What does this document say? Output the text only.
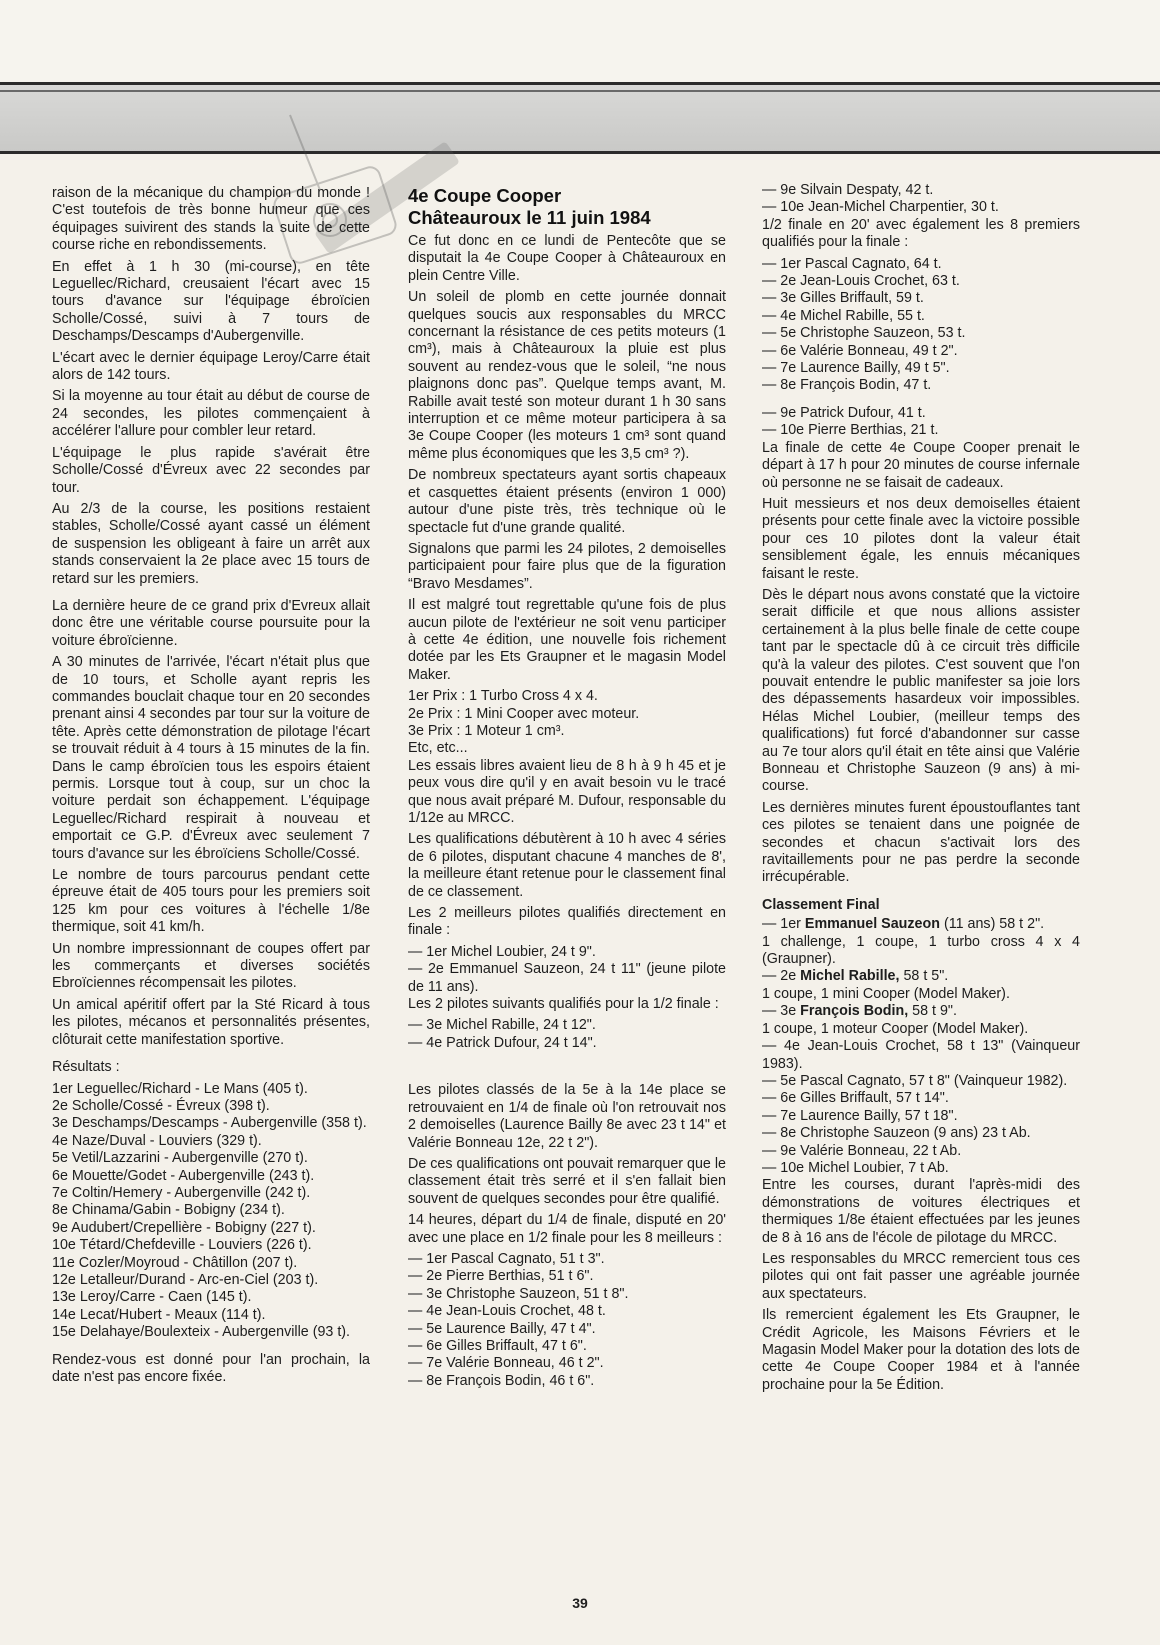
raison de la mécanique du champion du monde ! C'est toutefois de très bonne humeur que ces équipages suivirent des stands la suite de cette course riche en rebondissements.

En effet à 1 h 30 (mi-course), en tête Leguellec/Richard, creusaient l'écart avec 15 tours d'avance sur l'équipage ébroïcien Scholle/Cossé, suivi à 7 tours de Deschamps/Descamps d'Aubergenville.

L'écart avec le dernier équipage Leroy/Carre était alors de 142 tours.

Si la moyenne au tour était au début de course de 24 secondes, les pilotes commençaient à accélérer l'allure pour combler leur retard.

L'équipage le plus rapide s'avérait être Scholle/Cossé d'Évreux avec 22 secondes par tour.

Au 2/3 de la course, les positions restaient stables, Scholle/Cossé ayant cassé un élément de suspension les obligeant à faire un arrêt aux stands conservaient la 2e place avec 15 tours de retard sur les premiers.

La dernière heure de ce grand prix d'Evreux allait donc être une véritable course poursuite pour la voiture ébroïcienne.

A 30 minutes de l'arrivée, l'écart n'était plus que de 10 tours, et Scholle ayant repris les commandes bouclait chaque tour en 20 secondes prenant ainsi 4 secondes par tour sur la voiture de tête. Après cette démonstration de pilotage l'écart se trouvait réduit à 4 tours à 15 minutes de la fin. Dans le camp ébroïcien tous les espoirs étaient permis. Lorsque tout à coup, sur un choc la voiture perdait son échappement. L'équipage Leguellec/Richard respirait à nouveau et emportait ce G.P. d'Évreux avec seulement 7 tours d'avance sur les ébroïciens Scholle/Cossé.

Le nombre de tours parcourus pendant cette épreuve était de 405 tours pour les premiers soit 125 km pour ces voitures à l'échelle 1/8e thermique, soit 41 km/h.

Un nombre impressionnant de coupes offert par les commerçants et diverses sociétés Ebroïciennes récompensait les pilotes.

Un amical apéritif offert par la Sté Ricard à tous les pilotes, mécanos et personnalités présentes, clôturait cette manifestation sportive.

Résultats :

1er Leguellec/Richard - Le Mans (405 t).
2e Scholle/Cossé - Évreux (398 t).
3e Deschamps/Descamps - Aubergenville (358 t).
4e Naze/Duval - Louviers (329 t).
5e Vetil/Lazzarini - Aubergenville (270 t).
6e Mouette/Godet - Aubergenville (243 t).
7e Coltin/Hemery - Aubergenville (242 t).
8e Chinama/Gabin - Bobigny (234 t).
9e Audubert/Crepellière - Bobigny (227 t).
10e Tétard/Chefdeville - Louviers (226 t).
11e Cozler/Moyroud - Châtillon (207 t).
12e Letalleur/Durand - Arc-en-Ciel (203 t).
13e Leroy/Carre - Caen (145 t).
14e Lecat/Hubert - Meaux (114 t).
15e Delahaye/Boulexteix - Aubergenville (93 t).

Rendez-vous est donné pour l'an prochain, la date n'est pas encore fixée.

4e Coupe Cooper
Châteauroux le 11 juin 1984

Ce fut donc en ce lundi de Pentecôte que se disputait la 4e Coupe Cooper à Châteauroux en plein Centre Ville.

Un soleil de plomb en cette journée donnait quelques soucis aux responsables du MRCC concernant la résistance de ces petits moteurs (1 cm³), mais à Châteauroux la pluie est plus souvent au rendez-vous que le soleil, “ne nous plaignons donc pas”. Quelque temps avant, M. Rabille avait testé son moteur durant 1 h 30 sans interruption et ce même moteur participera à sa 3e Coupe Cooper (les moteurs 1 cm³ sont quand même plus économiques que les 3,5 cm³ ?).

De nombreux spectateurs ayant sortis chapeaux et casquettes étaient présents (environ 1 000) autour d'une piste très, très technique où le spectacle fut d'une grande qualité.

Signalons que parmi les 24 pilotes, 2 demoiselles participaient pour faire plus que de la figuration “Bravo Mesdames”.

Il est malgré tout regrettable qu'une fois de plus aucun pilote de l'extérieur ne soit venu participer à cette 4e édition, une nouvelle fois richement dotée par les Ets Graupner et le magasin Model Maker.

1er Prix : 1 Turbo Cross 4 x 4.
2e Prix : 1 Mini Cooper avec moteur.
3e Prix : 1 Moteur 1 cm³.
Etc, etc...

Les essais libres avaient lieu de 8 h à 9 h 45 et je peux vous dire qu'il y en avait besoin vu le tracé que nous avait préparé M. Dufour, responsable du 1/12e au MRCC.

Les qualifications débutèrent à 10 h avec 4 séries de 6 pilotes, disputant chacune 4 manches de 8', la meilleure étant retenue pour le classement final de ce classement.

Les 2 meilleurs pilotes qualifiés directement en finale :

— 1er Michel Loubier, 24 t 9".
— 2e Emmanuel Sauzeon, 24 t 11" (jeune pilote de 11 ans).

Les 2 pilotes suivants qualifiés pour la 1/2 finale :

— 3e Michel Rabille, 24 t 12".
— 4e Patrick Dufour, 24 t 14".

Les pilotes classés de la 5e à la 14e place se retrouvaient en 1/4 de finale où l'on retrouvait nos 2 demoiselles (Laurence Bailly 8e avec 23 t 14" et Valérie Bonneau 12e, 22 t 2").

De ces qualifications ont pouvait remarquer que le classement était très serré et il s'en fallait bien souvent de quelques secondes pour être qualifié.

14 heures, départ du 1/4 de finale, disputé en 20' avec une place en 1/2 finale pour les 8 meilleurs :

— 1er Pascal Cagnato, 51 t 3".
— 2e Pierre Berthias, 51 t 6".
— 3e Christophe Sauzeon, 51 t 8".
— 4e Jean-Louis Crochet, 48 t.
— 5e Laurence Bailly, 47 t 4".
— 6e Gilles Briffault, 47 t 6".
— 7e Valérie Bonneau, 46 t 2".
— 8e François Bodin, 46 t 6".
— 9e Silvain Despaty, 42 t.
— 10e Jean-Michel Charpentier, 30 t.

1/2 finale en 20' avec également les 8 premiers qualifiés pour la finale :

— 1er Pascal Cagnato, 64 t.
— 2e Jean-Louis Crochet, 63 t.
— 3e Gilles Briffault, 59 t.
— 4e Michel Rabille, 55 t.
— 5e Christophe Sauzeon, 53 t.
— 6e Valérie Bonneau, 49 t 2".
— 7e Laurence Bailly, 49 t 5".
— 8e François Bodin, 47 t.
— 9e Patrick Dufour, 41 t.
— 10e Pierre Berthias, 21 t.

La finale de cette 4e Coupe Cooper prenait le départ à 17 h pour 20 minutes de course infernale où personne ne se faisait de cadeaux.

Huit messieurs et nos deux demoiselles étaient présents pour cette finale avec la victoire possible pour ces 10 pilotes dont la valeur était sensiblement égale, les ennuis mécaniques faisant le reste.

Dès le départ nous avons constaté que la victoire serait difficile et que nous allions assister certainement à la plus belle finale de cette coupe tant par le spectacle dû à ce circuit très difficile qu'à la valeur des pilotes. C'est souvent que l'on pouvait entendre le public manifester sa joie lors des dépassements hasardeux voir impossibles. Hélas Michel Loubier, (meilleur temps des qualifications) fut forcé d'abandonner sur casse au 7e tour alors qu'il était en tête ainsi que Valérie Bonneau et Christophe Sauzeon (9 ans) à mi-course.

Les dernières minutes furent époustouflantes tant ces pilotes se tenaient dans une poignée de secondes et chacun s'activait lors des ravitaillements pour ne pas perdre la seconde irrécupérable.

Classement Final
— 1er Emmanuel Sauzeon (11 ans) 58 t 2".
1 challenge, 1 coupe, 1 turbo cross 4 x 4 (Graupner).
— 2e Michel Rabille, 58 t 5".
1 coupe, 1 mini Cooper (Model Maker).
— 3e François Bodin, 58 t 9".
1 coupe, 1 moteur Cooper (Model Maker).
— 4e Jean-Louis Crochet, 58 t 13" (Vainqueur 1983).
— 5e Pascal Cagnato, 57 t 8" (Vainqueur 1982).
— 6e Gilles Briffault, 57 t 14".
— 7e Laurence Bailly, 57 t 18".
— 8e Christophe Sauzeon (9 ans) 23 t Ab.
— 9e Valérie Bonneau, 22 t Ab.
— 10e Michel Loubier, 7 t Ab.

Entre les courses, durant l'après-midi des démonstrations de voitures électriques et thermiques 1/8e étaient effectuées par les jeunes de 8 à 16 ans de l'école de pilotage du MRCC.

Les responsables du MRCC remercient tous ces pilotes qui ont fait passer une agréable journée aux spectateurs.

Ils remercient également les Ets Graupner, le Crédit Agricole, les Maisons Févriers et le Magasin Model Maker pour la dotation des lots de cette 4e Coupe Cooper 1984 et à l'année prochaine pour la 5e Édition.

39
